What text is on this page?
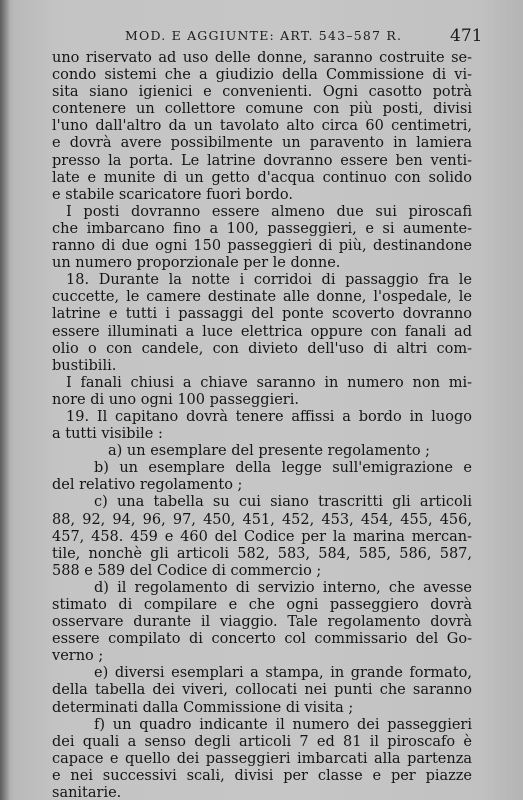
MOD. E AGGIUNTE: ART. 543–587 R.	471
uno riservato ad uso delle donne, saranno costruite se-
condo sistemi che a giudizio della Commissione di vi-
sita siano igienici e convenienti. Ogni casotto potrà
contenere un collettore comune con più posti, divisi
l'uno dall'altro da un tavolato alto circa 60 centimetri,
e dovrà avere possibilmente un paravento in lamiera
presso la porta. Le latrine dovranno essere ben venti-
late e munite di un getto d'acqua continuo con solido
e stabile scaricatore fuori bordo.
I posti dovranno essere almeno due sui piroscafi
che imbarcano fino a 100, passeggieri, e si aumente-
ranno di due ogni 150 passeggieri di più, destinandone
un numero proporzionale per le donne.
18. Durante la notte i corridoi di passaggio fra le
cuccette, le camere destinate alle donne, l'ospedale, le
latrine e tutti i passaggi del ponte scoverto dovranno
essere illuminati a luce elettrica oppure con fanali ad
olio o con candele, con divieto dell'uso di altri com-
bustibili.
I fanali chiusi a chiave saranno in numero non mi-
nore di uno ogni 100 passeggieri.
19. Il capitano dovrà tenere affissi a bordo in luogo
a tutti visibile :
a) un esemplare del presente regolamento ;
b) un esemplare della legge sull'emigrazione e
del relativo regolamento ;
c) una tabella su cui siano trascritti gli articoli
88, 92, 94, 96, 97, 450, 451, 452, 453, 454, 455, 456,
457, 458. 459 e 460 del Codice per la marina mercan-
tile, nonchè gli articoli 582, 583, 584, 585, 586, 587,
588 e 589 del Codice di commercio ;
d) il regolamento di servizio interno, che avesse
stimato di compilare e che ogni passeggiero dovrà
osservare durante il viaggio. Tale regolamento dovrà
essere compilato di concerto col commissario del Go-
verno ;
e) diversi esemplari a stampa, in grande formato,
della tabella dei viveri, collocati nei punti che saranno
determinati dalla Commissione di visita ;
f) un quadro indicante il numero dei passeggieri
dei quali a senso degli articoli 7 ed 81 il piroscafo è
capace e quello dei passeggieri imbarcati alla partenza
e nei successivi scali, divisi per classe e per piazze
sanitarie.
